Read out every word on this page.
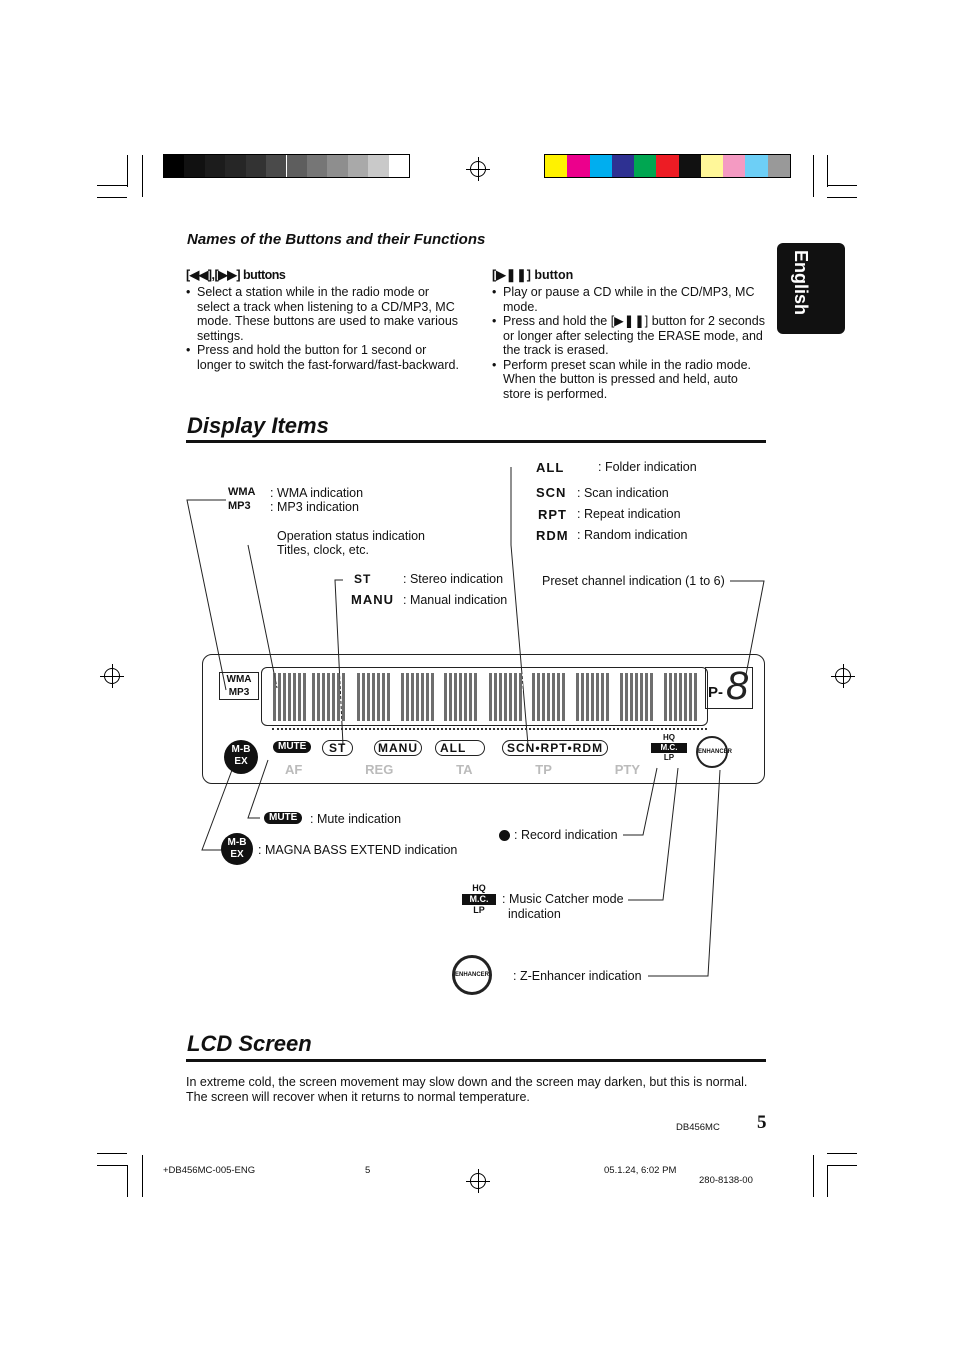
English
Names of the Buttons and their Functions
[◀◀],[▶▶] buttons
• Select a station while in the radio mode or select a track when listening to a CD/MP3, MC mode. These buttons are used to make various settings.
• Press and hold the button for 1 second or longer to switch the fast-forward/fast-backward.
[▶❚❚] button
• Play or pause a CD while in the CD/MP3, MC mode.
• Press and hold the [▶❚❚] button for 2 seconds or longer after selecting the ERASE mode, and the track is erased.
• Perform preset scan while in the radio mode. When the button is pressed and held, auto store is performed.
Display Items
WMA : WMA indication
MP3 : MP3 indication
Operation status indication
Titles, clock, etc.
ST	: Stereo indication
MANU : Manual indication
ALL	: Folder indication
SCN : Scan indication
RPT : Repeat indication
RDM : Random indication
Preset channel indication (1 to 6)
WMA
MP3	P- 8
M-B
EX
MUTE	ST	MANU	ALL	SCN•RPT•RDM
HQ
M.C.
LP
ENHANCER
AF	REG	TA	TP	PTY
MUTE	: Mute indication
M-B
EX	: MAGNA BASS EXTEND indication
: Record indication
HQ
M.C.
LP
: Music Catcher mode
indication
ENHANCER : Z-Enhancer indication
LCD Screen
In extreme cold, the screen movement may slow down and the screen may darken, but this is normal. The screen will recover when it returns to normal temperature.
5
DB456MC
+DB456MC-005-ENG	5	05.1.24, 6:02 PM
280-8138-00
